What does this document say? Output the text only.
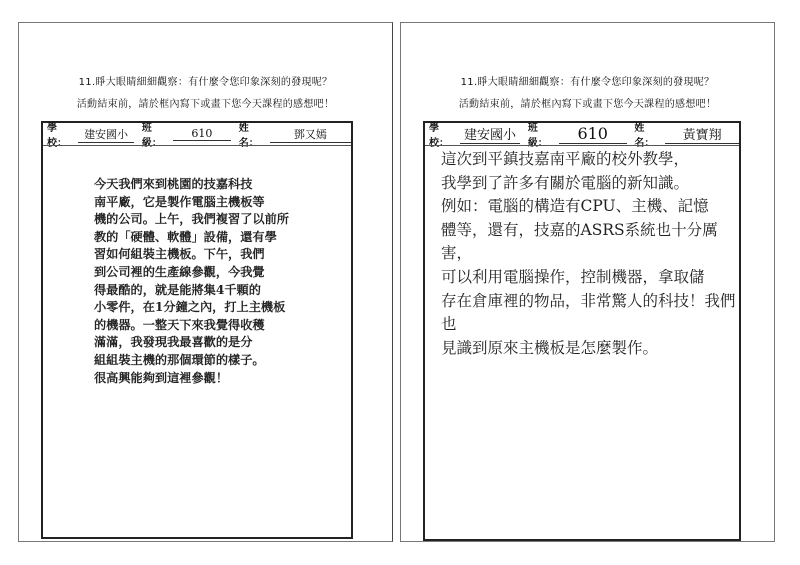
11.睜大眼睛細細觀察：有什麼令您印象深刻的發現呢？
活動結束前，請於框內寫下或畫下您今天課程的感想吧！
學校：
建安國小	班級：
610	姓名：
鄧又嫣
今天我們來到桃園的技嘉科技
南平廠，它是製作電腦主機板等
機的公司。上午，我們複習了以前所
教的「硬體、軟體」設備，還有學
習如何組裝主機板。下午，我們
到公司裡的生產線參觀，今我覺
得最酷的，就是能將集4千顆的
小零件，在1分鐘之內，打上主機板
的機器。一整天下來我覺得收穫
滿滿，我發現我最喜歡的是分
組組裝主機的那個環節的樣子。
很高興能夠到這裡參觀！
11.睜大眼睛細細觀察：有什麼令您印象深刻的發現呢？
活動結束前，請於框內寫下或畫下您今天課程的感想吧！
學校：
建安國小	班級：
610	姓名：
黃寶翔
這次到平鎮技嘉南平廠的校外教學，
我學到了許多有關於電腦的新知識。
例如：電腦的構造有CPU、主機、記憶
體等，還有，技嘉的ASRS系統也十分厲害，
可以利用電腦操作，控制機器，拿取儲
存在倉庫裡的物品，非常驚人的科技！我們也
見識到原來主機板是怎麼製作。
